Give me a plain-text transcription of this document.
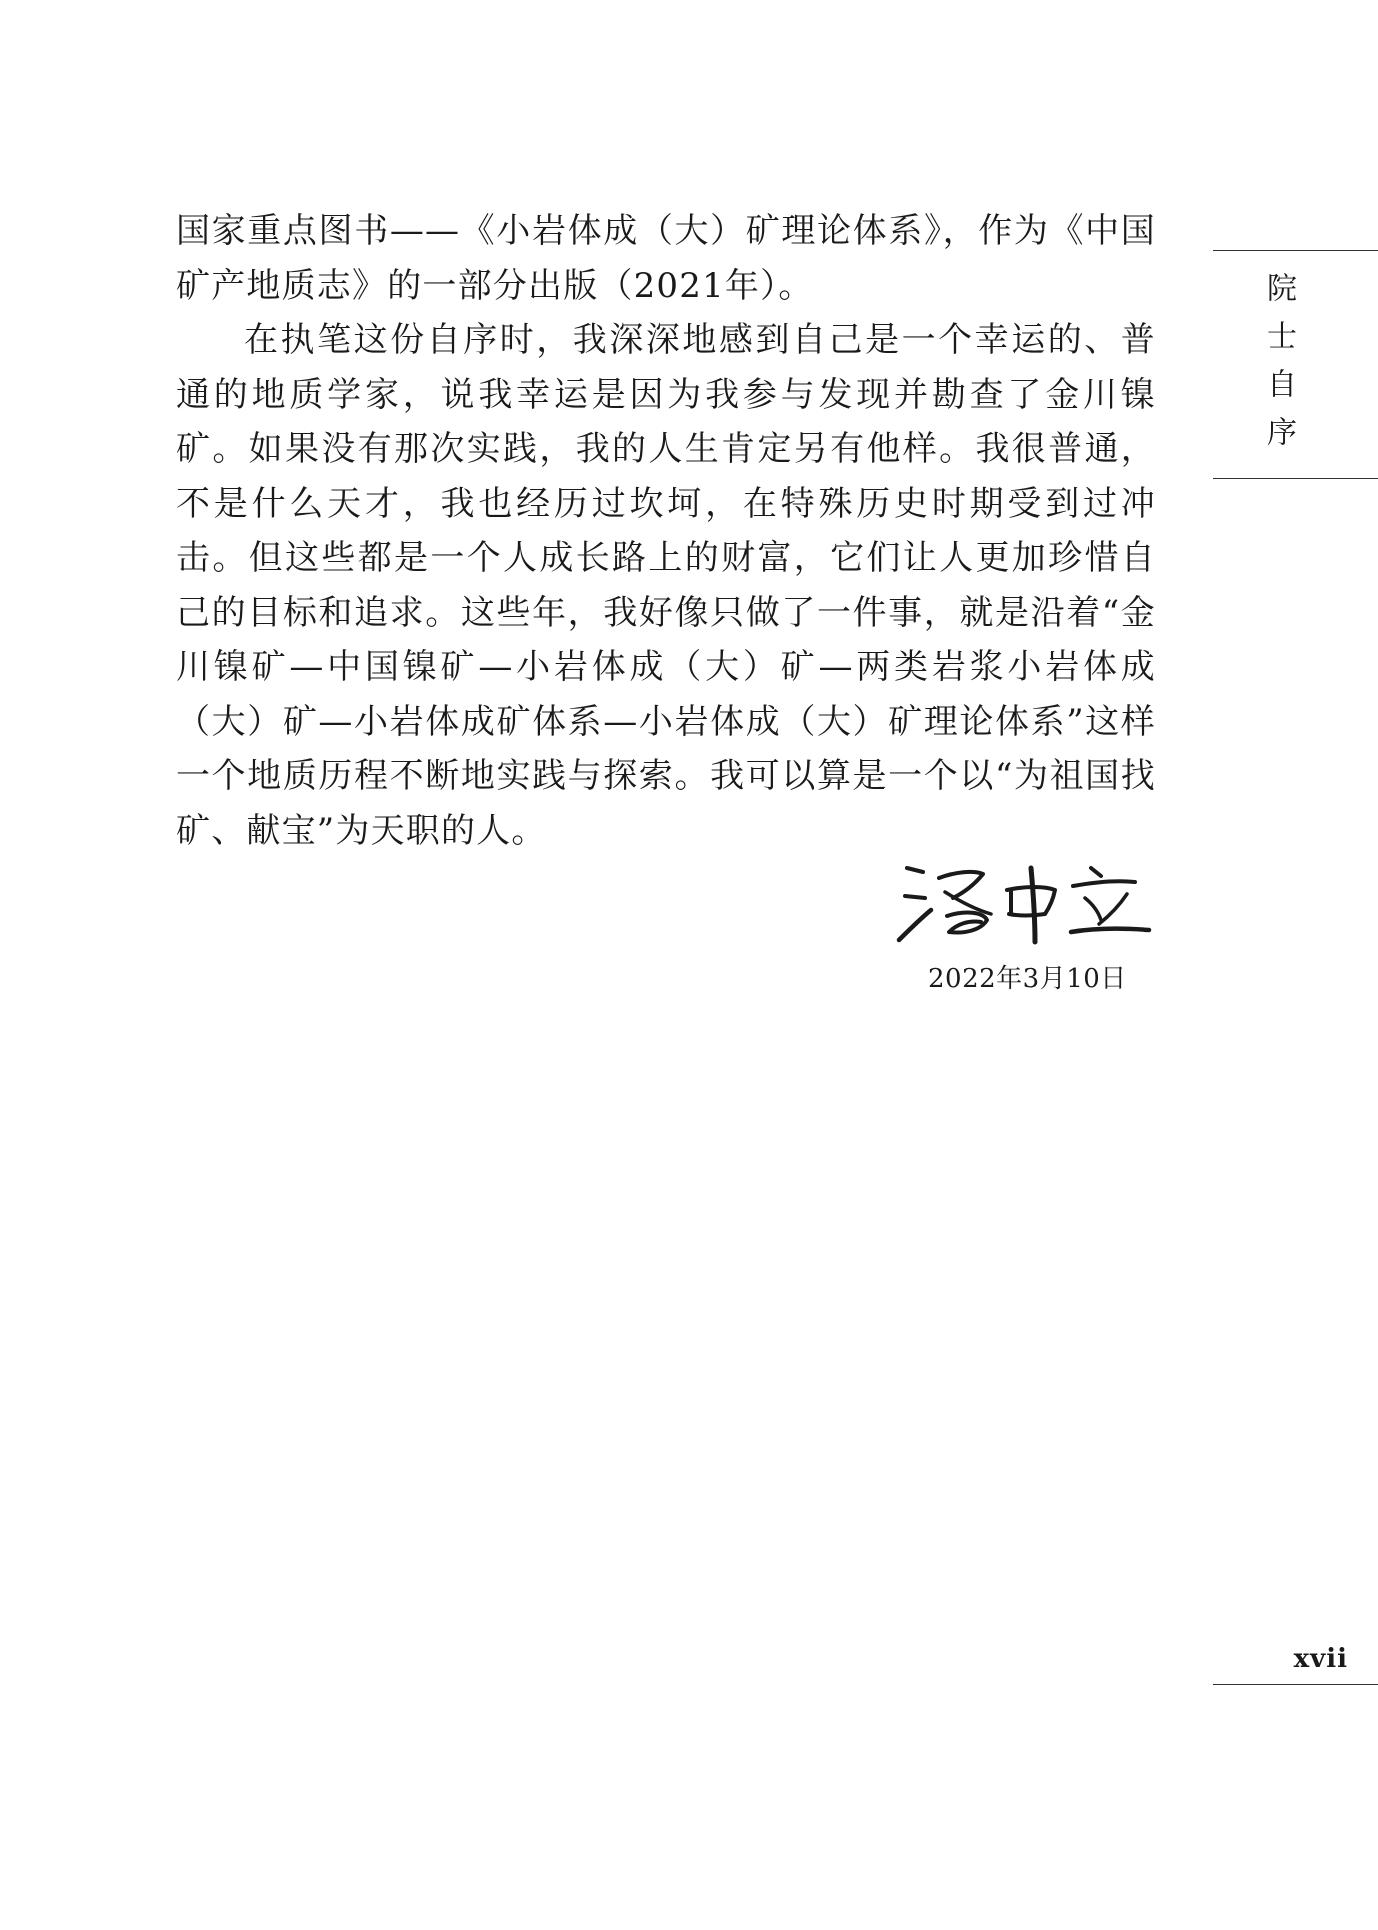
国家重点图书——《小岩体成（大）矿理论体系》，作为《中国矿产地质志》的一部分出版（2021年）。

在执笔这份自序时，我深深地感到自己是一个幸运的、普通的地质学家，说我幸运是因为我参与发现并勘查了金川镍矿。如果没有那次实践，我的人生肯定另有他样。我很普通，不是什么天才，我也经历过坎坷，在特殊历史时期受到过冲击。但这些都是一个人成长路上的财富，它们让人更加珍惜自己的目标和追求。这些年，我好像只做了一件事，就是沿着“金川镍矿—中国镍矿—小岩体成（大）矿—两类岩浆小岩体成（大）矿—小岩体成矿体系—小岩体成（大）矿理论体系”这样一个地质历程不断地实践与探索。我可以算是一个以“为祖国找矿、献宝”为天职的人。

院士自序
2022年3月10日
xvii
